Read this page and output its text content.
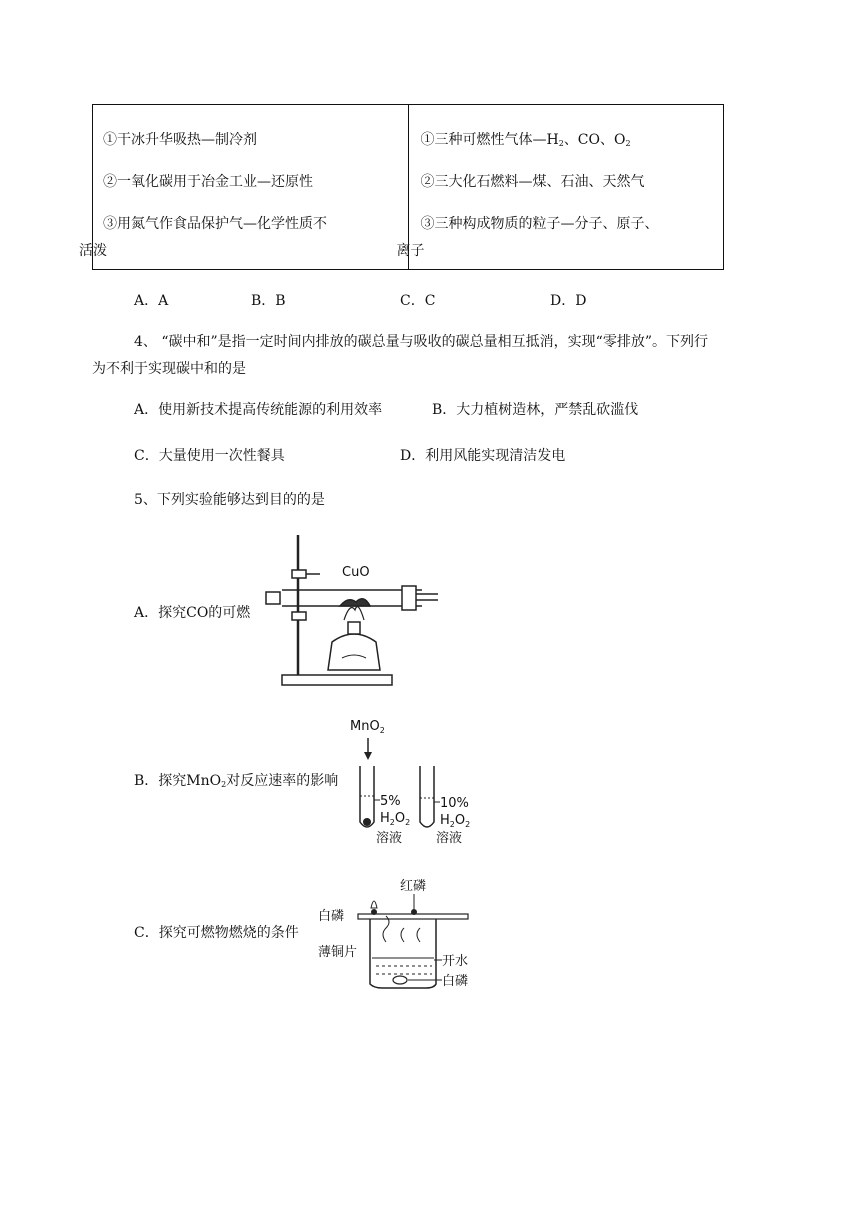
①干冰升华吸热—制冷剂
②一氧化碳用于冶金工业—还原性
③用氮气作食品保护气—化学性质不
活泼

①三种可燃性气体$—H_2$、CO、$O_2$
②三大化石燃料—煤、石油、天然气
③三种构成物质的粒子—分子、原子、
离子
A．A	B．B	C．C	D．D
4、 “碳中和”是指一定时间内排放的碳总量与吸收的碳总量相互抵消，实现“零排放”。下列行
为不利于实现碳中和的是
A．使用新技术提高传统能源的利用效率	B．大力植树造林，严禁乱砍滥伐
C．大量使用一次性餐具	D．利用风能实现清洁发电
5、下列实验能够达到目的的是
A．探究CO的可燃
B．探究MnO$_2$对反应速率的影响
C．探究可燃物燃烧的条件
CuO
MnO$_2$
5%
$H_2O_2$
溶液
10%
$H_2O_2$
溶液
红磷
白磷
薄铜片
开水
白磷
